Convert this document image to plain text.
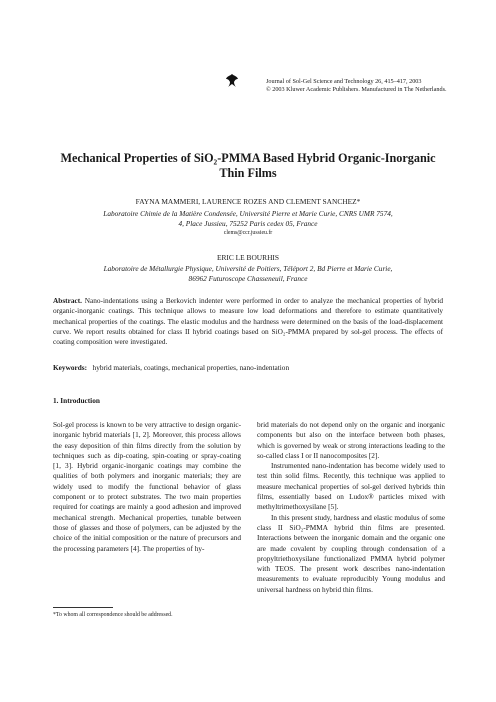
Journal of Sol-Gel Science and Technology 26, 415–417, 2003
© 2003 Kluwer Academic Publishers. Manufactured in The Netherlands.
Mechanical Properties of SiO₂-PMMA Based Hybrid Organic-Inorganic
Thin Films
FAYNA MAMMERI, LAURENCE ROZES AND CLEMENT SANCHEZ*
Laboratoire Chimie de la Matière Condensée, Université Pierre et Marie Curie, CNRS UMR 7574,
4, Place Jussieu, 75252 Paris cedex 05, France
clems@ccr.jussieu.fr
ERIC LE BOURHIS
Laboratoire de Métallurgie Physique, Université de Poitiers, Téléport 2, Bd Pierre et Marie Curie,
86962 Futuroscope Chasseneuil, France
Abstract. Nano-indentations using a Berkovich indenter were performed in order to analyze the mechanical properties of hybrid organic-inorganic coatings. This technique allows to measure low load deformations and therefore to estimate quantitatively mechanical properties of the coatings. The elastic modulus and the hardness were determined on the basis of the load-displacement curve. We report results obtained for class II hybrid coatings based on SiO₂-PMMA prepared by sol-gel process. The effects of coating composition were investigated.
Keywords: hybrid materials, coatings, mechanical properties, nano-indentation
1. Introduction

Sol-gel process is known to be very attractive to design organic-inorganic hybrid materials [1, 2]. Moreover, this process allows the easy deposition of thin films directly from the solution by techniques such as dip-coating, spin-coating or spray-coating [1, 3]. Hybrid organic-inorganic coatings may combine the qualities of both polymers and inorganic materials; they are widely used to modify the functional behavior of glass component or to protect substrates. The two main properties required for coatings are mainly a good adhesion and improved mechanical strength. Mechanical properties, tunable between those of glasses and those of polymers, can be adjusted by the choice of the initial composition or the nature of precursors and the processing parameters [4]. The properties of hy-

brid materials do not depend only on the organic and inorganic components but also on the interface between both phases, which is governed by weak or strong interactions leading to the so-called class I or II nanocomposites [2].

Instrumented nano-indentation has become widely used to test thin solid films. Recently, this technique was applied to measure mechanical properties of sol-gel derived hybrids thin films, essentially based on Ludox® particles mixed with methyltrimethoxysilane [5].

In this present study, hardness and elastic modulus of some class II SiO₂-PMMA hybrid thin films are presented. Interactions between the inorganic domain and the organic one are made covalent by coupling through condensation of a propyltriethoxysilane functionalized PMMA hybrid polymer with TEOS. The present work describes nano-indentation measurements to evaluate reproducibly Young modulus and universal hardness on hybrid thin films.

*To whom all correspondence should be addressed.
